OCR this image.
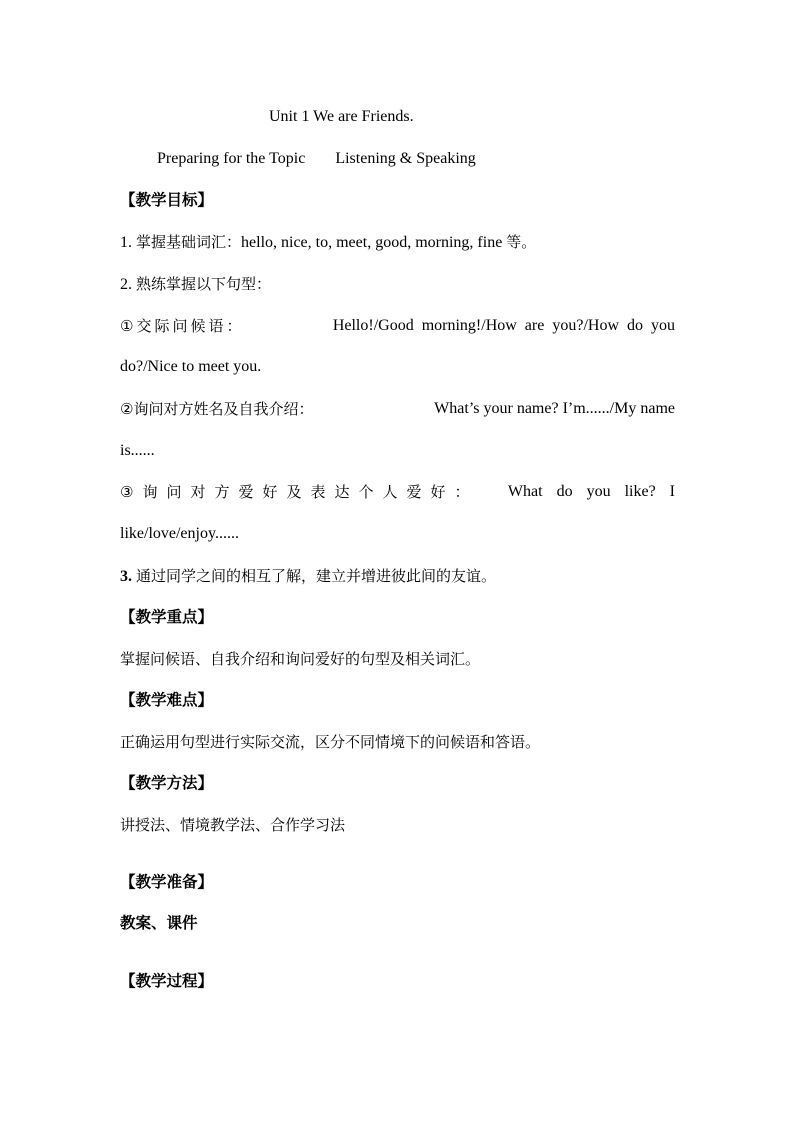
Unit 1 We are Friends.
Preparing for the Topic Listening & Speaking
【教学目标】
1. 掌握基础词汇：hello, nice, to, meet, good, morning, fine 等。
2. 熟练掌握以下句型：
①交际问候语：	Hello!/Good morning!/How are you?/How do you
do?/Nice to meet you.
②询问对方姓名及自我介绍：	What’s your name? I’m....../My name
is......
③询问对方爱好及表达个人爱好： What do you like? I
like/love/enjoy......
3. 通过同学之间的相互了解，建立并增进彼此间的友谊。
【教学重点】
掌握问候语、自我介绍和询问爱好的句型及相关词汇。
【教学难点】
正确运用句型进行实际交流，区分不同情境下的问候语和答语。
【教学方法】
讲授法、情境教学法、合作学习法
【教学准备】
教案、课件
【教学过程】
